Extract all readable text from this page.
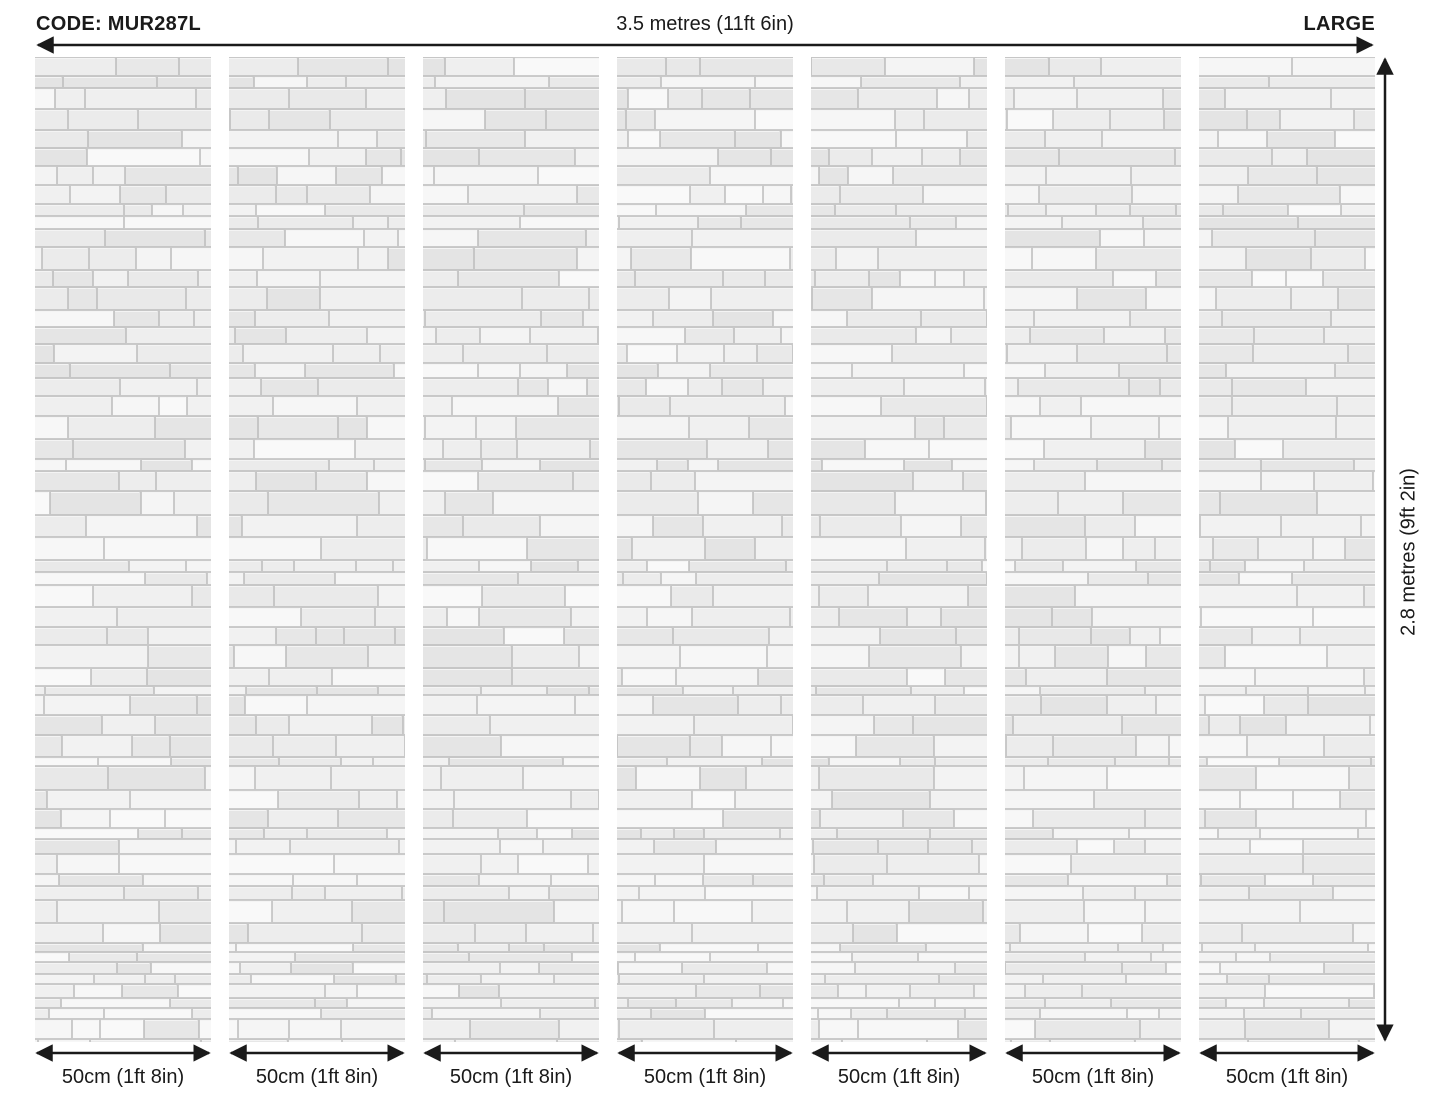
CODE: MUR287L	3.5 metres (11ft 6in)	LARGE
2.8 metres (9ft 2in)
50cm (1ft 8in)	50cm (1ft 8in)	50cm (1ft 8in)	50cm (1ft 8in)	50cm (1ft 8in)	50cm (1ft 8in)	50cm (1ft 8in)
